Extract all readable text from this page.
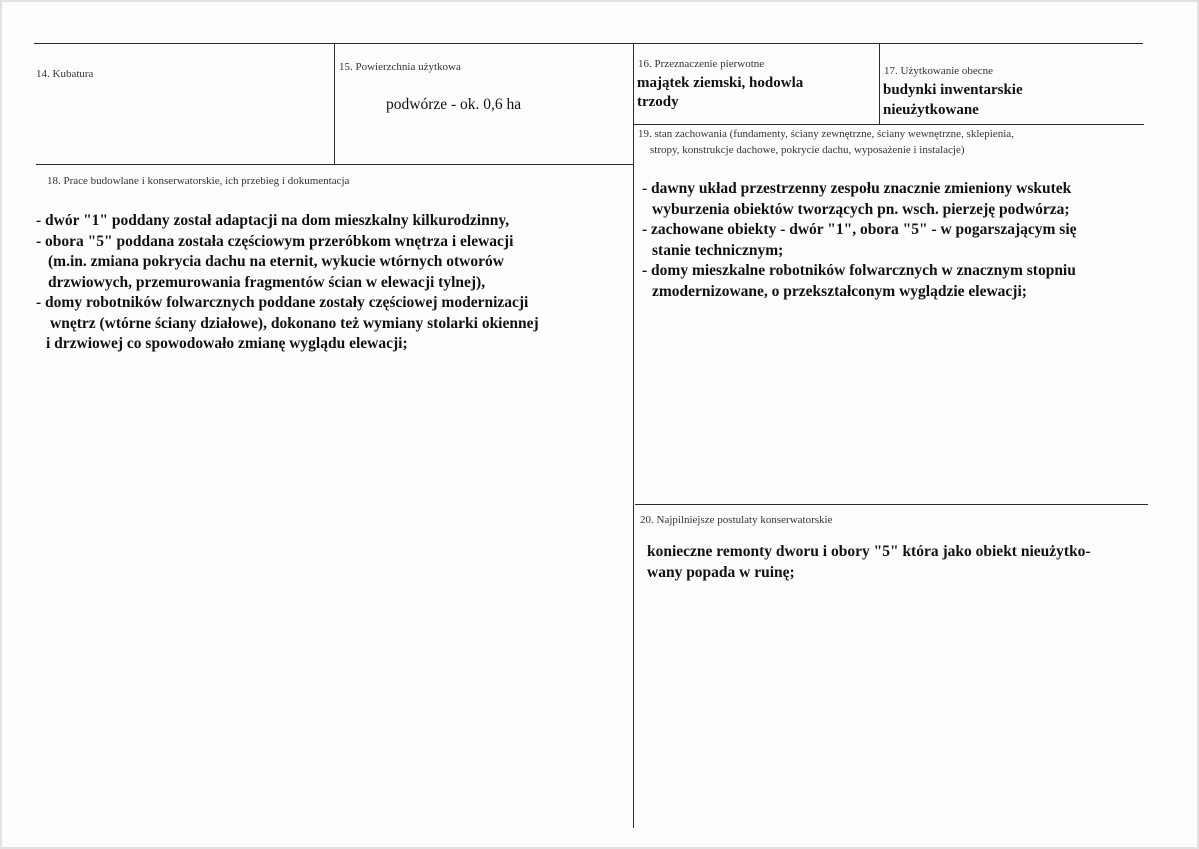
14. Kubatura
15. Powierzchnia użytkowa
podwórze - ok. 0,6 ha
16. Przeznaczenie pierwotne
majątek ziemski, hodowla
trzody
17. Użytkowanie obecne
budynki inwentarskie
nieużytkowane
19. stan zachowania (fundamenty, ściany zewnętrzne, ściany wewnętrzne, sklepienia,
stropy, konstrukcje dachowe, pokrycie dachu, wyposażenie i instalacje)
18. Prace budowlane i konserwatorskie, ich przebieg i dokumentacja
- dwór "1" poddany został adaptacji na dom mieszkalny kilkurodzinny,
- obora "5" poddana została częściowym przeróbkom wnętrza i elewacji
(m.in. zmiana pokrycia dachu na eternit, wykucie wtórnych otworów
drzwiowych, przemurowania fragmentów ścian w elewacji tylnej),
- domy robotników folwarcznych poddane zostały częściowej modernizacji
wnętrz (wtórne ściany działowe), dokonano też wymiany stolarki okiennej
i drzwiowej co spowodowało zmianę wyglądu elewacji;
- dawny układ przestrzenny zespołu znacznie zmieniony wskutek
wyburzenia obiektów tworzących pn. wsch. pierzeję podwórza;
- zachowane obiekty - dwór "1", obora "5" - w pogarszającym się
stanie technicznym;
- domy mieszkalne robotników folwarcznych w znacznym stopniu
zmodernizowane, o przekształconym wyglądzie elewacji;
20. Najpilniejsze postulaty konserwatorskie
konieczne remonty dworu i obory "5" która jako obiekt nieużytko-
wany popada w ruinę;
